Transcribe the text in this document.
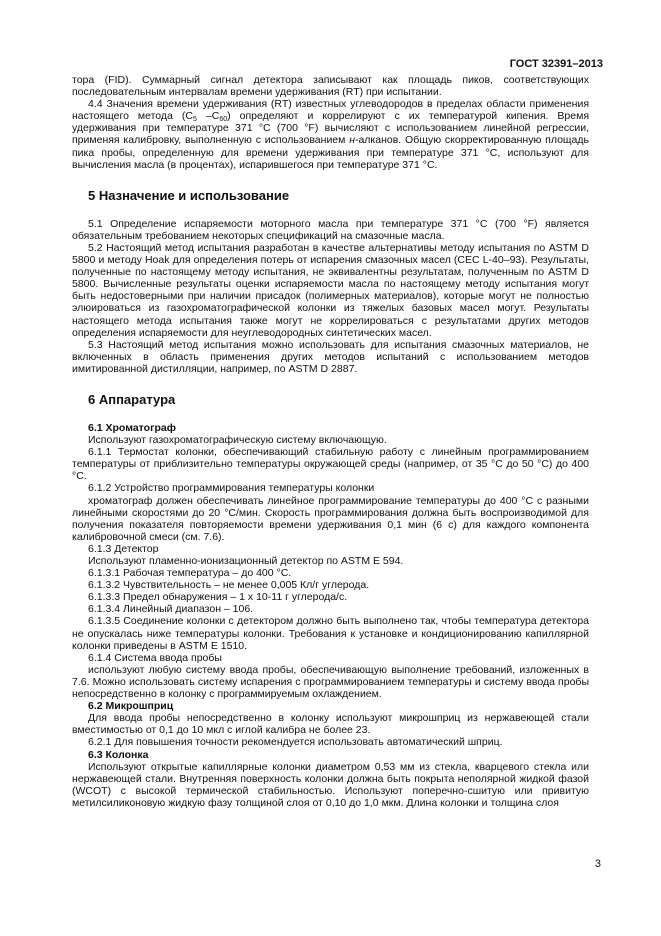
ГОСТ 32391–2013

тора (FID). Суммарный сигнал детектора записывают как площадь пиков, соответствующих последовательным интервалам времени удерживания (RT) при испытании.

4.4 Значения времени удерживания (RT) известных углеводородов в пределах области применения настоящего метода ($C_5$ $-C_{60}$) определяют и коррелируют с их температурой кипения. Время удерживания при температуре 371 °С (700 °F) вычисляют с использованием линейной регрессии, применяя калибровку, выполненную с использованием н-алканов. Общую скорректированную площадь пика пробы, определенную для времени удерживания при температуре 371 °С, используют для вычисления масла (в процентах), испарившегося при температуре 371 °С.

5 Назначение и использование

5.1 Определение испаряемости моторного масла при температуре 371 °С (700 °F) является обязательным требованием некоторых спецификаций на смазочные масла.

5.2 Настоящий метод испытания разработан в качестве альтернативы методу испытания по ASTM D 5800 и методу Hoak для определения потерь от испарения смазочных масел (CEC L-40–93). Результаты, полученные по настоящему методу испытания, не эквивалентны результатам, полученным по ASTM D 5800. Вычисленные результаты оценки испаряемости масла по настоящему методу испытания могут быть недостоверными при наличии присадок (полимерных материалов), которые могут не полностью элюироваться из газохроматографической колонки из тяжелых базовых масел могут. Результаты настоящего метода испытания также могут не коррелироваться с результатами других методов определения испаряемости для неуглеводородных синтетических масел.

5.3 Настоящий метод испытания можно использовать для испытания смазочных материалов, не включенных в область применения других методов испытаний с использованием методов имитированной дистилляции, например, по ASTM D 2887.

6 Аппаратура

6.1 Хроматограф

Используют газохроматографическую систему включающую.

6.1.1 Термостат колонки, обеспечивающий стабильную работу с линейным программированием температуры от приблизительно температуры окружающей среды (например, от 35 °С до 50 °С) до 400 °С.

6.1.2 Устройство программирования температуры колонки

хроматограф должен обеспечивать линейное программирование температуры до 400 °С с разными линейными скоростями до 20 °С/мин. Скорость программирования должна быть воспроизводимой для получения показателя повторяемости времени удерживания 0,1 мин (6 с) для каждого компонента калибровочной смеси (см. 7.6).

6.1.3 Детектор

Используют пламенно-ионизационный детектор по ASTM E 594.

6.1.3.1 Рабочая температура – до 400 °С.

6.1.3.2 Чувствительность – не менее 0,005 Кл/г углерода.

6.1.3.3 Предел обнаружения – 1 х 10-11 г углерода/с.

6.1.3.4 Линейный диапазон – 106.

6.1.3.5 Соединение колонки с детектором должно быть выполнено так, чтобы температура детектора не опускалась ниже температуры колонки. Требования к установке и кондиционированию капиллярной колонки приведены в ASTM E 1510.

6.1.4 Система ввода пробы

используют любую систему ввода пробы, обеспечивающую выполнение требований, изложенных в 7.6. Можно использовать систему испарения с программированием температуры и систему ввода пробы непосредственно в колонку с программируемым охлаждением.

6.2 Микрошприц

Для ввода пробы непосредственно в колонку используют микрошприц из нержавеющей стали вместимостью от 0,1 до 10 мкл с иглой калибра не более 23.

6.2.1 Для повышения точности рекомендуется использовать автоматический шприц.

6.3 Колонка

Используют открытые капиллярные колонки диаметром 0,53 мм из стекла, кварцевого стекла или нержавеющей стали. Внутренняя поверхность колонки должна быть покрыта неполярной жидкой фазой (WCOT) с высокой термической стабильностью. Используют поперечно-сшитую или привитую метилсиликоновую жидкую фазу толщиной слоя от 0,10 до 1,0 мкм. Длина колонки и толщина слоя

3
